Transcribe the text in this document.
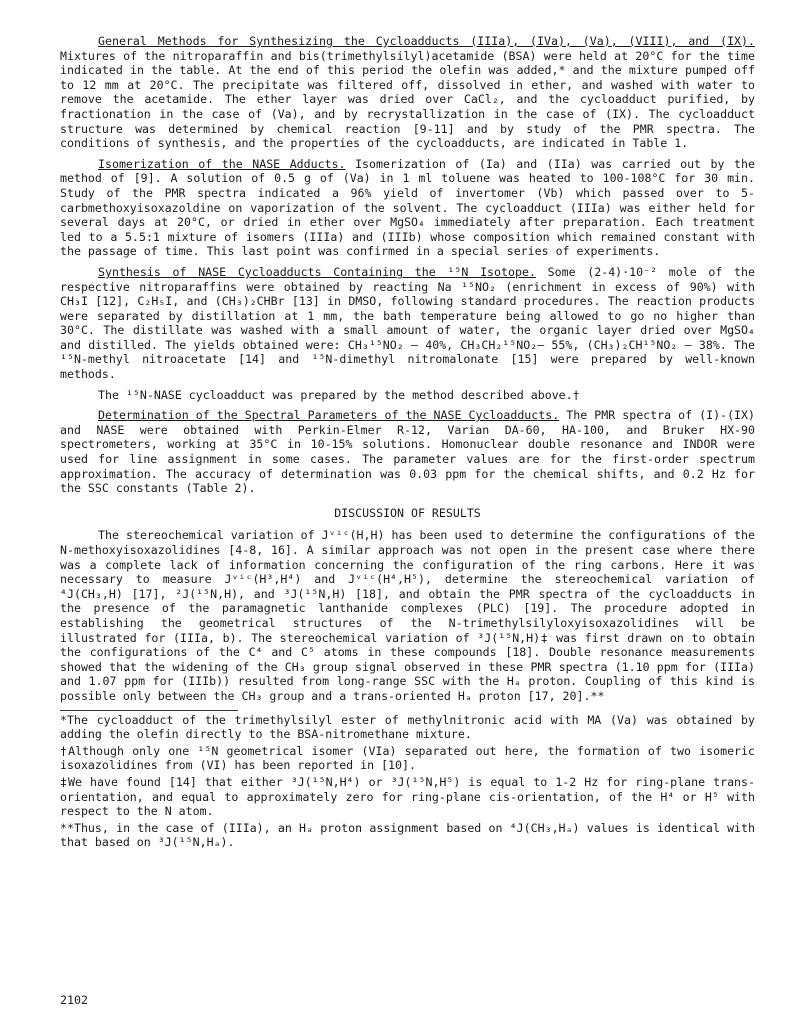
General Methods for Synthesizing the Cycloadducts (IIIa), (IVa), (Va), (VIII), and (IX). Mixtures of the nitroparaffin and bis(trimethylsilyl)acetamide (BSA) were held at 20°C for the time indicated in the table. At the end of this period the olefin was added,* and the mixture pumped off to 12 mm at 20°C. The precipitate was filtered off, dissolved in ether, and washed with water to remove the acetamide. The ether layer was dried over CaCl₂, and the cycloadduct purified, by fractionation in the case of (Va), and by recrystallization in the case of (IX). The cycloadduct structure was determined by chemical reaction [9-11] and by study of the PMR spectra. The conditions of synthesis, and the properties of the cycloadducts, are indicated in Table 1.

Isomerization of the NASE Adducts. Isomerization of (Ia) and (IIa) was carried out by the method of [9]. A solution of 0.5 g of (Va) in 1 ml toluene was heated to 100-108°C for 30 min. Study of the PMR spectra indicated a 96% yield of invertomer (Vb) which passed over to 5-carbmethoxyisoxazoldine on vaporization of the solvent. The cycloadduct (IIIa) was either held for several days at 20°C, or dried in ether over MgSO₄ immediately after preparation. Each treatment led to a 5.5:1 mixture of isomers (IIIa) and (IIIb) whose composition which remained constant with the passage of time. This last point was confirmed in a special series of experiments.

Synthesis of NASE Cycloadducts Containing the ¹⁵N Isotope. Some (2-4)·10⁻² mole of the respective nitroparaffins were obtained by reacting Na ¹⁵NO₂ (enrichment in excess of 90%) with CH₃I [12], C₂H₅I, and (CH₃)₂CHBr [13] in DMSO, following standard procedures. The reaction products were separated by distillation at 1 mm, the bath temperature being allowed to go no higher than 30°C. The distillate was washed with a small amount of water, the organic layer dried over MgSO₄ and distilled. The yields obtained were: CH₃¹⁵NO₂ — 40%, CH₃CH₂¹⁵NO₂— 55%, (CH₃)₂CH¹⁵NO₂ — 38%. The ¹⁵N-methyl nitroacetate [14] and ¹⁵N-dimethyl nitromalonate [15] were prepared by well-known methods.

The ¹⁵N-NASE cycloadduct was prepared by the method described above.†

Determination of the Spectral Parameters of the NASE Cycloadducts. The PMR spectra of (I)-(IX) and NASE were obtained with Perkin-Elmer R-12, Varian DA-60, HA-100, and Bruker HX-90 spectrometers, working at 35°C in 10-15% solutions. Homonuclear double resonance and INDOR were used for line assignment in some cases. The parameter values are for the first-order spectrum approximation. The accuracy of determination was 0.03 ppm for the chemical shifts, and 0.2 Hz for the SSC constants (Table 2).

DISCUSSION OF RESULTS

The stereochemical variation of Jᵛⁱᶜ(H,H) has been used to determine the configurations of the N-methoxyisoxazolidines [4-8, 16]. A similar approach was not open in the present case where there was a complete lack of information concerning the configuration of the ring carbons. Here it was necessary to measure Jᵛⁱᶜ(H³,H⁴) and Jᵛⁱᶜ(H⁴,H⁵), determine the stereochemical variation of ⁴J(CH₃,H) [17], ²J(¹⁵N,H), and ³J(¹⁵N,H) [18], and obtain the PMR spectra of the cycloadducts in the presence of the paramagnetic lanthanide complexes (PLC) [19]. The procedure adopted in establishing the geometrical structures of the N-trimethylsilyloxyisoxazolidines will be illustrated for (IIIa, b). The stereochemical variation of ³J(¹⁵N,H)‡ was first drawn on to obtain the configurations of the C⁴ and C⁵ atoms in these compounds [18]. Double resonance measurements showed that the widening of the CH₃ group signal observed in these PMR spectra (1.10 ppm for (IIIa) and 1.07 ppm for (IIIb)) resulted from long-range SSC with the Hₐ proton. Coupling of this kind is possible only between the CH₃ group and a trans-oriented Hₐ proton [17, 20].**

*The cycloadduct of the trimethylsilyl ester of methylnitronic acid with MA (Va) was obtained by adding the olefin directly to the BSA-nitromethane mixture.

†Although only one ¹⁵N geometrical isomer (VIa) separated out here, the formation of two isomeric isoxazolidines from (VI) has been reported in [10].

‡We have found [14] that either ³J(¹⁵N,H⁴) or ³J(¹⁵N,H⁵) is equal to 1-2 Hz for ring-plane trans-orientation, and equal to approximately zero for ring-plane cis-orientation, of the H⁴ or H⁵ with respect to the N atom.

**Thus, in the case of (IIIa), an Hₐ proton assignment based on ⁴J(CH₃,Hₐ) values is identical with that based on ³J(¹⁵N,Hₐ).

2102
